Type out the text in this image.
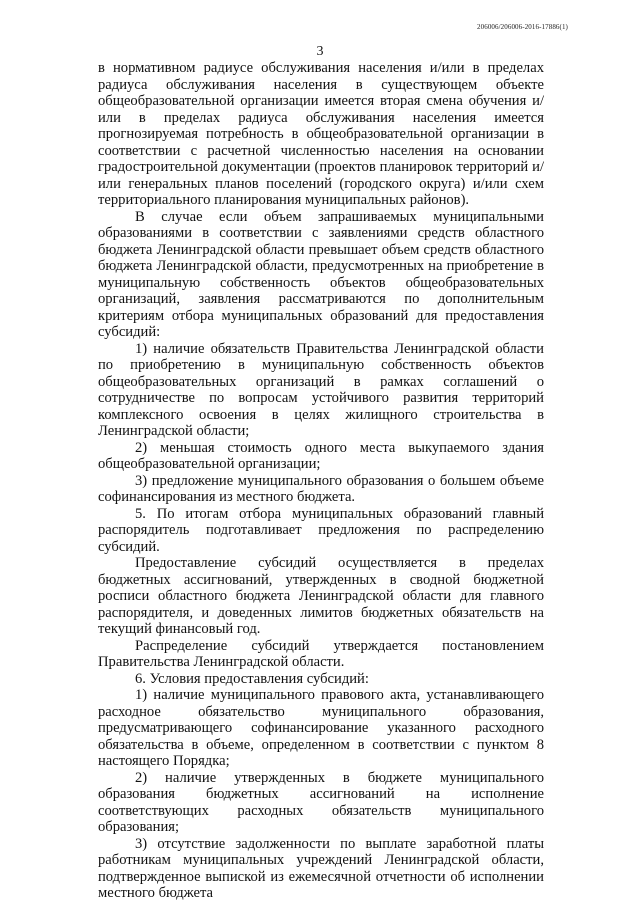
206006/206006-2016-17886(1)
3

в нормативном радиусе обслуживания населения и/или в пределах радиуса обслуживания населения в существующем объекте общеобразовательной организации имеется вторая смена обучения и/или в пределах радиуса обслуживания населения имеется прогнозируемая потребность в общеобразовательной организации в соответствии с расчетной численностью населения на основании градостроительной документации (проектов планировок территорий и/или генеральных планов поселений (городского округа) и/или схем территориального планирования муниципальных районов).

В случае если объем запрашиваемых муниципальными образованиями в соответствии с заявлениями средств областного бюджета Ленинградской области превышает объем средств областного бюджета Ленинградской области, предусмотренных на приобретение в муниципальную собственность объектов общеобразовательных организаций, заявления рассматриваются по дополнительным критериям отбора муниципальных образований для предоставления субсидий:

1) наличие обязательств Правительства Ленинградской области по приобретению в муниципальную собственность объектов общеобразовательных организаций в рамках соглашений о сотрудничестве по вопросам устойчивого развития территорий комплексного освоения в целях жилищного строительства в Ленинградской области;

2) меньшая стоимость одного места выкупаемого здания общеобразовательной организации;

3) предложение муниципального образования о большем объеме софинансирования из местного бюджета.

5. По итогам отбора муниципальных образований главный распорядитель подготавливает предложения по распределению субсидий.

Предоставление субсидий осуществляется в пределах бюджетных ассигнований, утвержденных в сводной бюджетной росписи областного бюджета Ленинградской области для главного распорядителя, и доведенных лимитов бюджетных обязательств на текущий финансовый год.

Распределение субсидий утверждается постановлением Правительства Ленинградской области.

6. Условия предоставления субсидий:

1) наличие муниципального правового акта, устанавливающего расходное обязательство муниципального образования, предусматривающего софинансирование указанного расходного обязательства в объеме, определенном в соответствии с пунктом 8 настоящего Порядка;

2) наличие утвержденных в бюджете муниципального образования бюджетных ассигнований на исполнение соответствующих расходных обязательств муниципального образования;

3) отсутствие задолженности по выплате заработной платы работникам муниципальных учреждений Ленинградской области, подтвержденное выпиской из ежемесячной отчетности об исполнении местного бюджета
